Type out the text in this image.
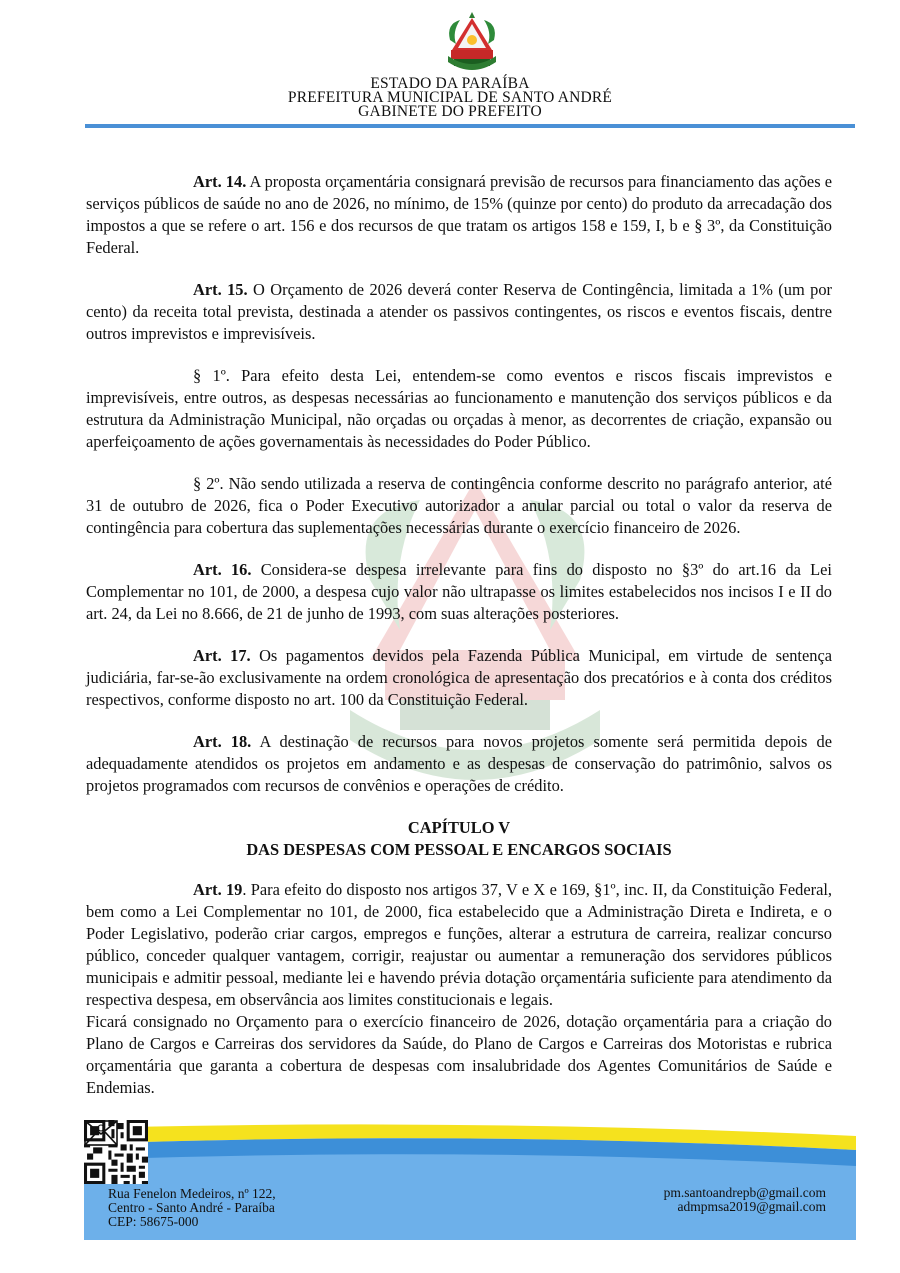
ESTADO DA PARAÍBA
PREFEITURA MUNICIPAL DE SANTO ANDRÉ
GABINETE DO PREFEITO

Art. 14. A proposta orçamentária consignará previsão de recursos para financiamento das ações e serviços públicos de saúde no ano de 2026, no mínimo, de 15% (quinze por cento) do produto da arrecadação dos impostos a que se refere o art. 156 e dos recursos de que tratam os artigos 158 e 159, I, b e § 3º, da Constituição Federal.

Art. 15. O Orçamento de 2026 deverá conter Reserva de Contingência, limitada a 1% (um por cento) da receita total prevista, destinada a atender os passivos contingentes, os riscos e eventos fiscais, dentre outros imprevistos e imprevisíveis.

§ 1º. Para efeito desta Lei, entendem-se como eventos e riscos fiscais imprevistos e imprevisíveis, entre outros, as despesas necessárias ao funcionamento e manutenção dos serviços públicos e da estrutura da Administração Municipal, não orçadas ou orçadas à menor, as decorrentes de criação, expansão ou aperfeiçoamento de ações governamentais às necessidades do Poder Público.

§ 2º. Não sendo utilizada a reserva de contingência conforme descrito no parágrafo anterior, até 31 de outubro de 2026, fica o Poder Executivo autorizador a anular parcial ou total o valor da reserva de contingência para cobertura das suplementações necessárias durante o exercício financeiro de 2026.

Art. 16. Considera-se despesa irrelevante para fins do disposto no §3º do art.16 da Lei Complementar no 101, de 2000, a despesa cujo valor não ultrapasse os limites estabelecidos nos incisos I e II do art. 24, da Lei no 8.666, de 21 de junho de 1993, com suas alterações posteriores.

Art. 17. Os pagamentos devidos pela Fazenda Pública Municipal, em virtude de sentença judiciária, far-se-ão exclusivamente na ordem cronológica de apresentação dos precatórios e à conta dos créditos respectivos, conforme disposto no art. 100 da Constituição Federal.

Art. 18. A destinação de recursos para novos projetos somente será permitida depois de adequadamente atendidos os projetos em andamento e as despesas de conservação do patrimônio, salvos os projetos programados com recursos de convênios e operações de crédito.

CAPÍTULO V
DAS DESPESAS COM PESSOAL E ENCARGOS SOCIAIS

Art. 19. Para efeito do disposto nos artigos 37, V e X e 169, §1º, inc. II, da Constituição Federal, bem como a Lei Complementar no 101, de 2000, fica estabelecido que a Administração Direta e Indireta, e o Poder Legislativo, poderão criar cargos, empregos e funções, alterar a estrutura de carreira, realizar concurso público, conceder qualquer vantagem, corrigir, reajustar ou aumentar a remuneração dos servidores públicos municipais e admitir pessoal, mediante lei e havendo prévia dotação orçamentária suficiente para atendimento da respectiva despesa, em observância aos limites constitucionais e legais.

Ficará consignado no Orçamento para o exercício financeiro de 2026, dotação orçamentária para a criação do Plano de Cargos e Carreiras dos servidores da Saúde, do Plano de Cargos e Carreiras dos Motoristas e rubrica orçamentária que garanta a cobertura de despesas com insalubridade dos Agentes Comunitários de Saúde e Endemias.

Rua Fenelon Medeiros, nº 122,
Centro - Santo André - Paraíba
CEP: 58675-000
pm.santoandrepb@gmail.com
admpmsa2019@gmail.com
